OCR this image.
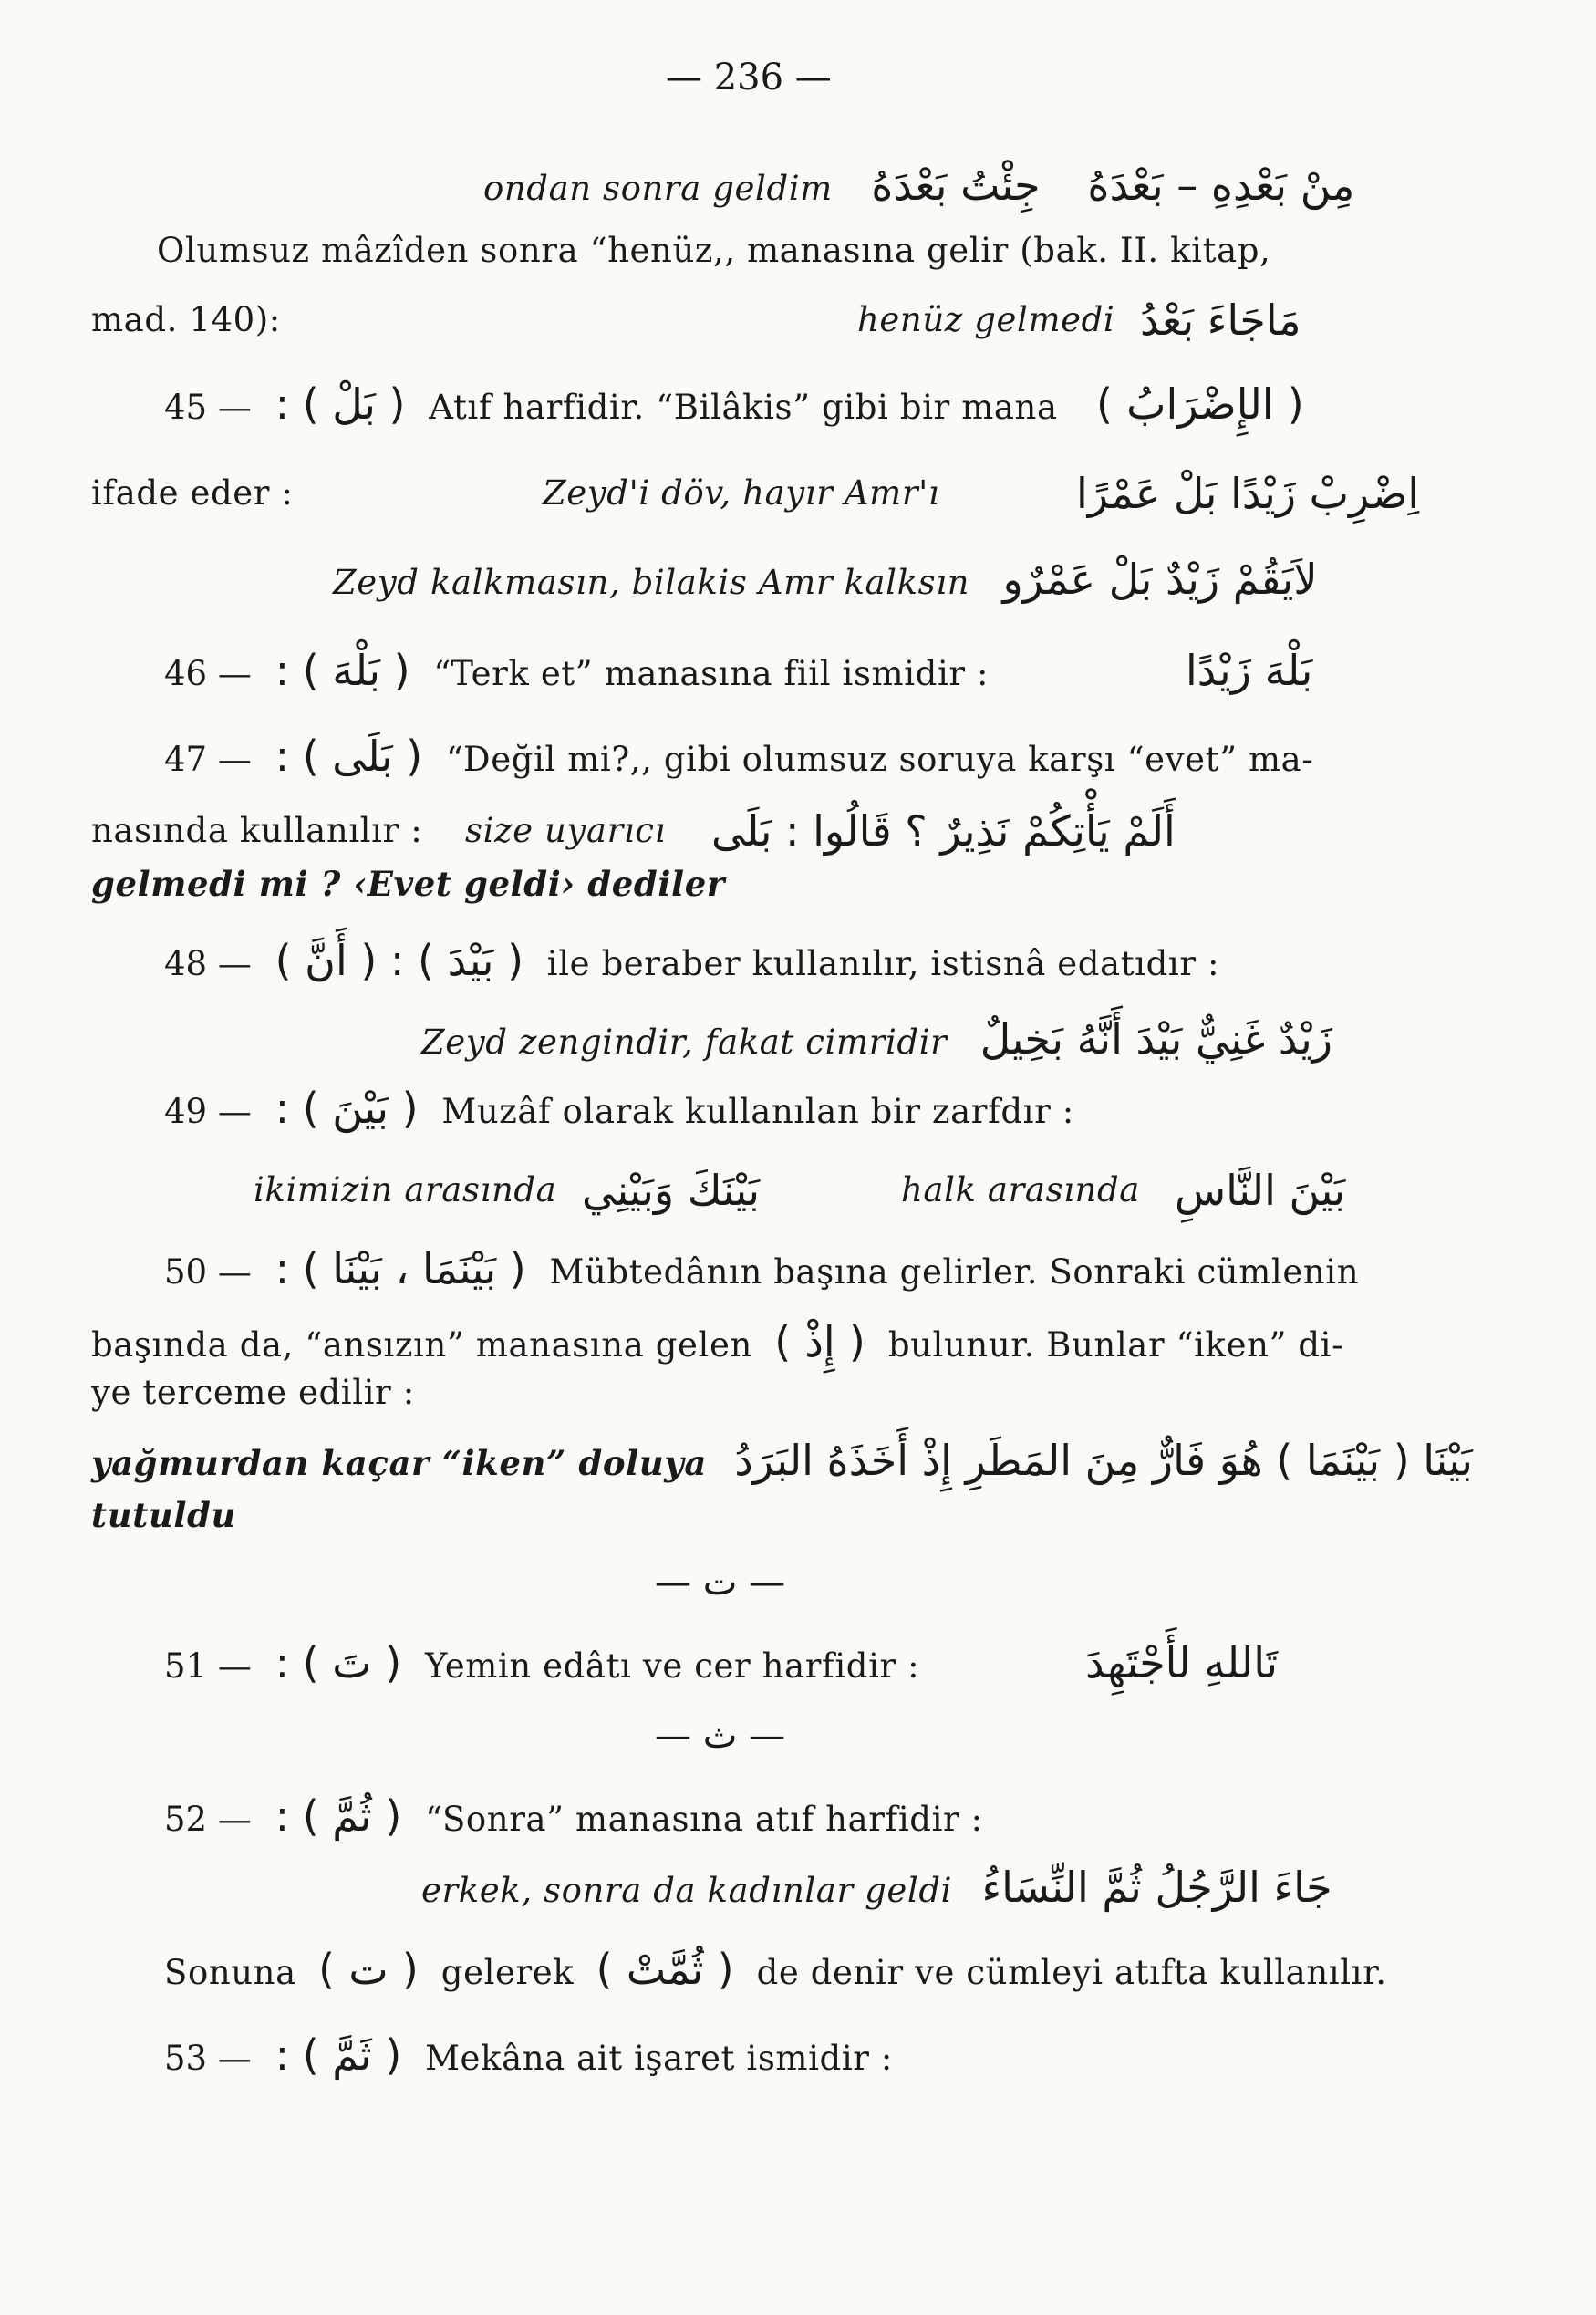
— 236 —
ondan sonra geldim جِئْتُ بَعْدَهُ مِنْ بَعْدِهِ – بَعْدَهُ
Olumsuz mâzîden sonra “henüz,, manasına gelir (bak. II. kitap,
mad. 140):	henüz gelmedi مَاجَاءَ بَعْدُ
45 — ( بَلْ ) : Atıf harfidir. “Bilâkis” gibi bir mana ( الإِضْرَابُ )
ifade eder :	Zeyd'i döv, hayır Amr'ı	اِضْرِبْ زَيْدًا بَلْ عَمْرًا
Zeyd kalkmasın, bilakis Amr kalksın لاَيَقُمْ زَيْدٌ بَلْ عَمْرٌو
46 — ( بَلْهَ ) : “Terk et” manasına fiil ismidir :	بَلْهَ زَيْدًا
47 — ( بَلَى ) : “Değil mi?,, gibi olumsuz soruya karşı “evet” ma-
nasında kullanılır : size uyarıcı أَلَمْ يَأْتِكُمْ نَذِيرٌ ؟ قَالُوا : بَلَى
gelmedi mi ? ‹Evet geldi› dediler
48 — ( بَيْدَ ) : ( أَنَّ ) ile beraber kullanılır, istisnâ edatıdır :
Zeyd zengindir, fakat cimridir زَيْدٌ غَنِيٌّ بَيْدَ أَنَّهُ بَخِيلٌ
49 — ( بَيْنَ ) : Muzâf olarak kullanılan bir zarfdır :
ikimizin arasında بَيْنَكَ وَبَيْنِي	halk arasında بَيْنَ النَّاسِ
50 — ( بَيْنَمَا ، بَيْنَا ) : Mübtedânın başına gelirler. Sonraki cümlenin
başında da, “ansızın” manasına gelen ( إِذْ ) bulunur. Bunlar “iken” di-
ye terceme edilir :
yağmurdan kaçar “iken” doluya بَيْنَا ( بَيْنَمَا ) هُوَ فَارٌّ مِنَ المَطَرِ إِذْ أَخَذَهُ البَرَدُ
tutuldu
— ت —
51 — ( تَ ) : Yemin edâtı ve cer harfidir :	تَاللهِ لأَجْتَهِدَ
— ث —
52 — ( ثُمَّ ) : “Sonra” manasına atıf harfidir :
erkek, sonra da kadınlar geldi جَاءَ الرَّجُلُ ثُمَّ النِّسَاءُ
Sonuna ( ت ) gelerek ( ثُمَّتْ ) de denir ve cümleyi atıfta kullanılır.
53 — ( ثَمَّ ) : Mekâna ait işaret ismidir :
